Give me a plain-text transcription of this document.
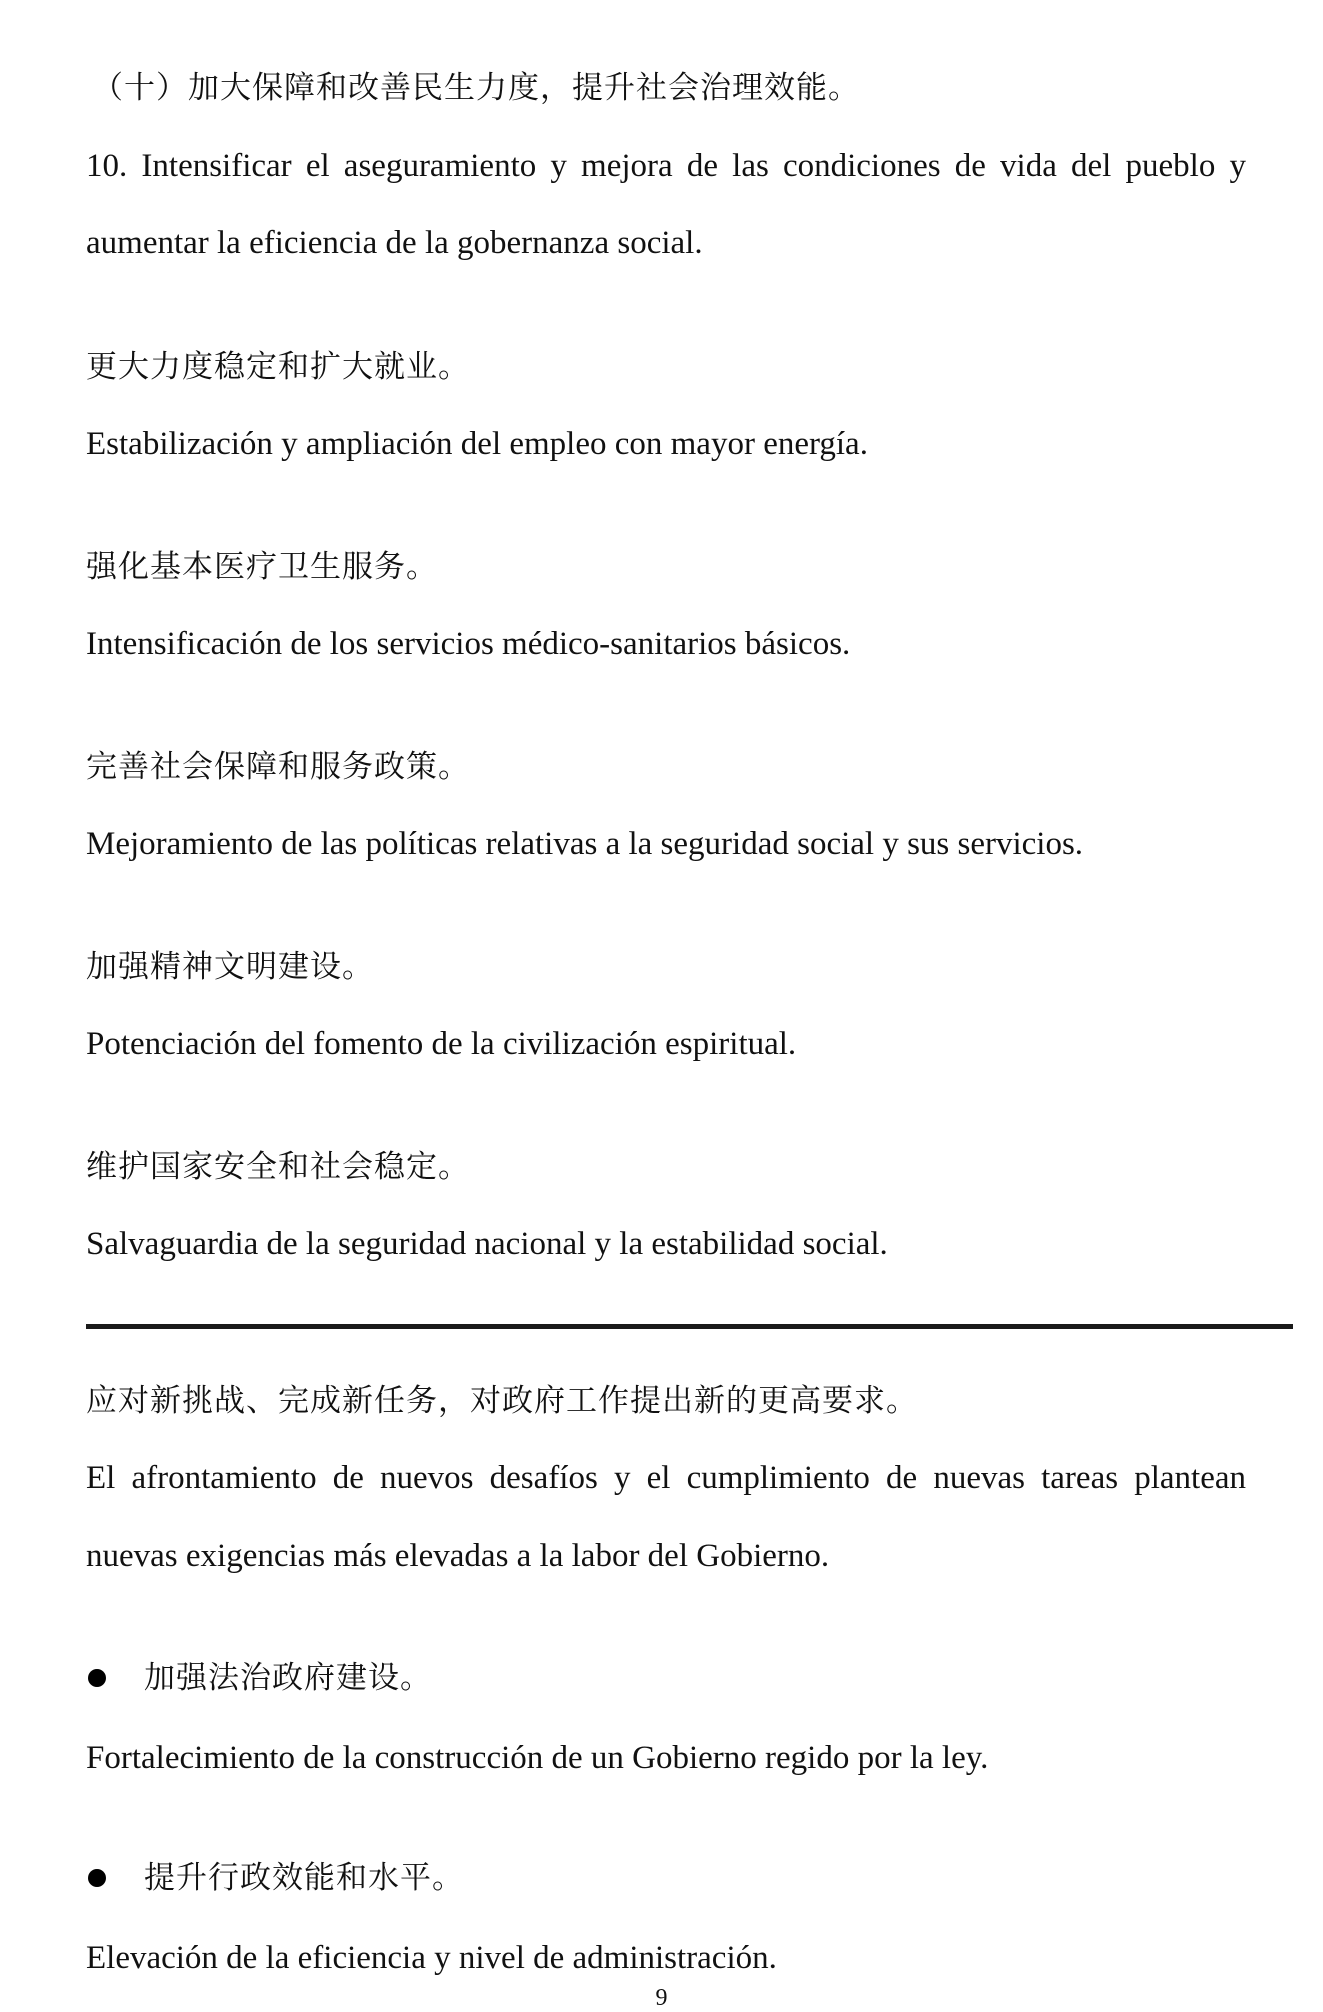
（十）加大保障和改善民生力度，提升社会治理效能。
10. Intensificar el aseguramiento y mejora de las condiciones de vida del pueblo y
aumentar la eficiencia de la gobernanza social.
更大力度稳定和扩大就业。
Estabilización y ampliación del empleo con mayor energía.
强化基本医疗卫生服务。
Intensificación de los servicios médico-sanitarios básicos.
完善社会保障和服务政策。
Mejoramiento de las políticas relativas a la seguridad social y sus servicios.
加强精神文明建设。
Potenciación del fomento de la civilización espiritual.
维护国家安全和社会稳定。
Salvaguardia de la seguridad nacional y la estabilidad social.
应对新挑战、完成新任务，对政府工作提出新的更高要求。
El afrontamiento de nuevos desafíos y el cumplimiento de nuevas tareas plantean
nuevas exigencias más elevadas a la labor del Gobierno.
加强法治政府建设。
Fortalecimiento de la construcción de un Gobierno regido por la ley.
提升行政效能和水平。
Elevación de la eficiencia y nivel de administración.
9
